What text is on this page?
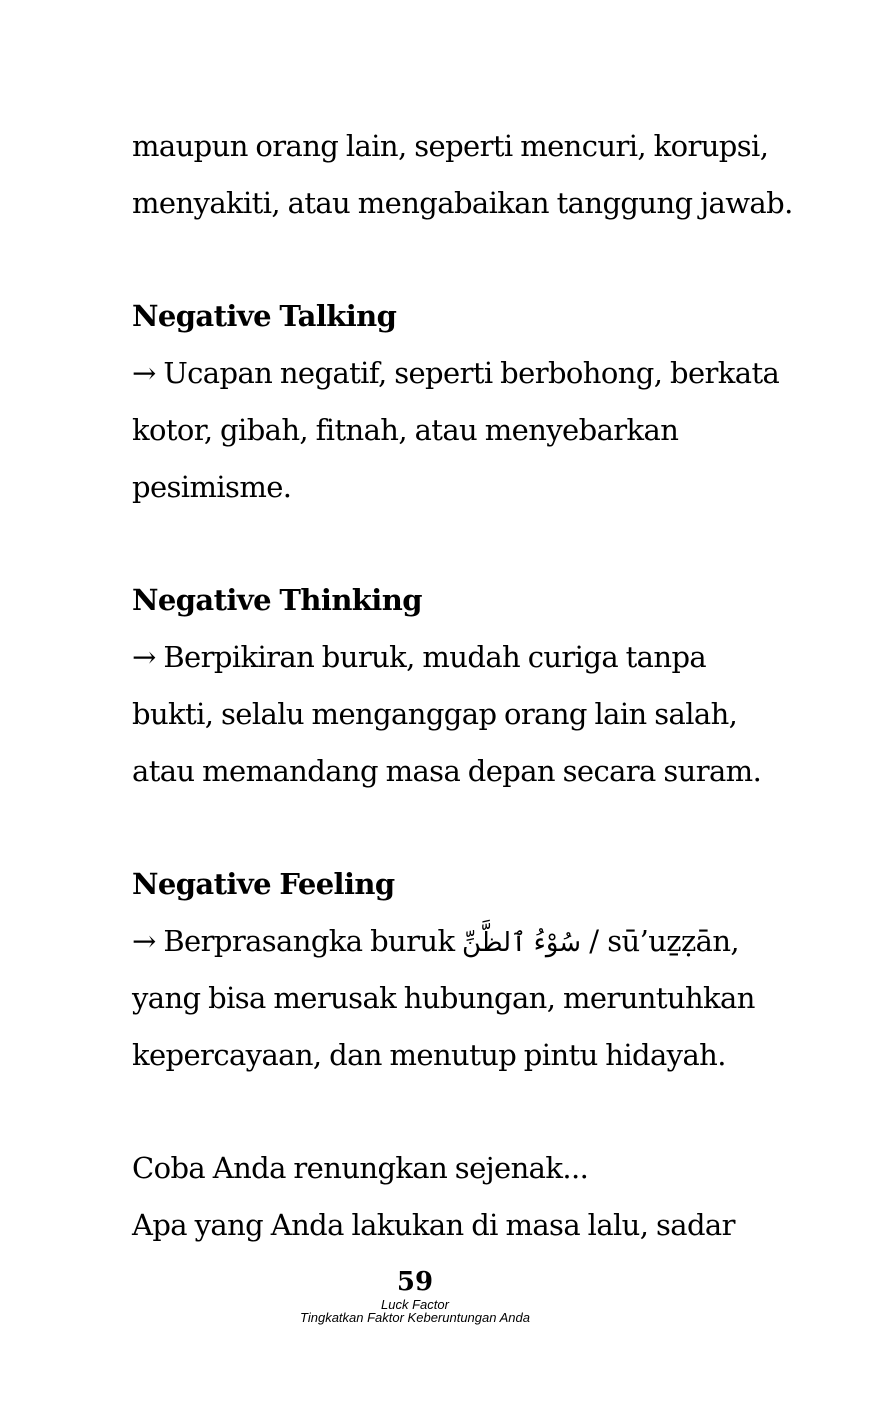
maupun orang lain, seperti mencuri, korupsi,
menyakiti, atau mengabaikan tanggung jawab.
Negative Talking
→ Ucapan negatif, seperti berbohong, berkata
kotor, gibah, fitnah, atau menyebarkan
pesimisme.
Negative Thinking
→ Berpikiran buruk, mudah curiga tanpa
bukti, selalu menganggap orang lain salah,
atau memandang masa depan secara suram.
Negative Feeling
→ Berprasangka buruk سُوْءُ ٱلظَّنِّ / sū’uẕẓān,
yang bisa merusak hubungan, meruntuhkan
kepercayaan, dan menutup pintu hidayah.
Coba Anda renungkan sejenak...
Apa yang Anda lakukan di masa lalu, sadar
59
Luck Factor
Tingkatkan Faktor Keberuntungan Anda
